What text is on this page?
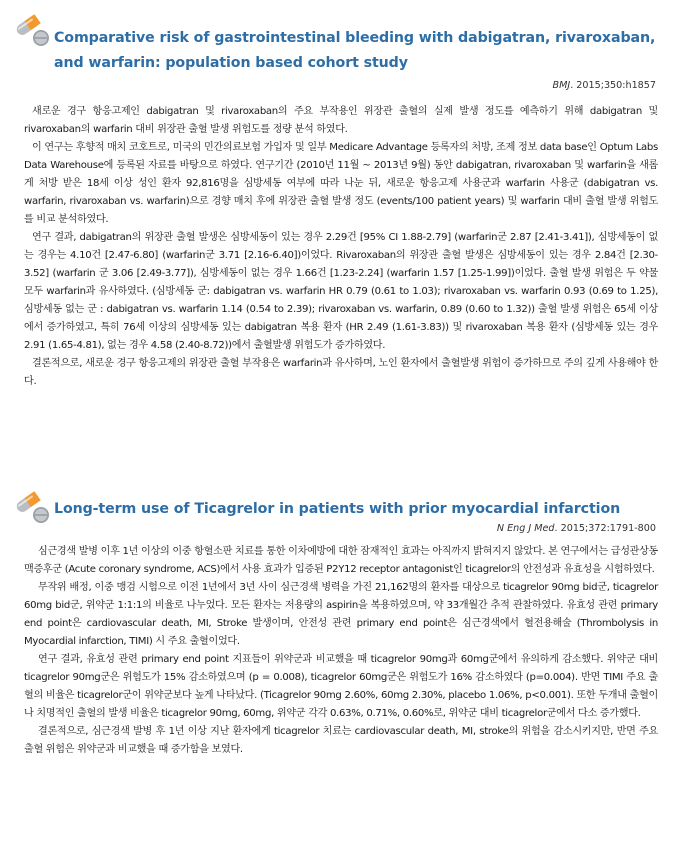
Comparative risk of gastrointestinal bleeding with dabigatran, rivaroxaban, and warfarin: population based cohort study
BMJ. 2015;350:h1857

새로운 경구 항응고제인 dabigatran 및 rivaroxaban의 주요 부작용인 위장관 출혈의 실제 발생 정도를 예측하기 위해 dabigatran 및 rivaroxaban의 warfarin 대비 위장관 출혈 발생 위험도를 정량 분석 하였다.

이 연구는 후향적 매치 코호트로, 미국의 민간의료보험 가입자 및 일부 Medicare Advantage 등록자의 처방, 조제 정보 data base인 Optum Labs Data Warehouse에 등록된 자료를 바탕으로 하였다. 연구기간 (2010년 11월 ~ 2013년 9월) 동안 dabigatran, rivaroxaban 및 warfarin을 새롭게 처방 받은 18세 이상 성인 환자 92,816명을 심방세동 여부에 따라 나눈 뒤, 새로운 항응고제 사용군과 warfarin 사용군 (dabigatran vs. warfarin, rivaroxaban vs. warfarin)으로 경향 매치 후에 위장관 출혈 발생 정도 (events/100 patient years) 및 warfarin 대비 출혈 발생 위험도를 비교 분석하였다.

연구 결과, dabigatran의 위장관 출혈 발생은 심방세동이 있는 경우 2.29건 [95% CI 1.88-2.79] (warfarin군 2.87 [2.41-3.41]), 심방세동이 없는 경우는 4.10건 [2.47-6.80] (warfarin군 3.71 [2.16-6.40])이었다. Rivaroxaban의 위장관 출혈 발생은 심방세동이 있는 경우 2.84건 [2.30-3.52] (warfarin 군 3.06 [2.49-3.77]), 심방세동이 없는 경우 1.66건 [1.23-2.24] (warfarin 1.57 [1.25-1.99])이었다. 출혈 발생 위험은 두 약물 모두 warfarin과 유사하였다. (심방세동 군: dabigatran vs. warfarin HR 0.79 (0.61 to 1.03); rivaroxaban vs. warfarin 0.93 (0.69 to 1.25), 심방세동 없는 군 : dabigatran vs. warfarin 1.14 (0.54 to 2.39); rivaroxaban vs. warfarin, 0.89 (0.60 to 1.32)) 출혈 발생 위험은 65세 이상에서 증가하였고, 특히 76세 이상의 심방세동 있는 dabigatran 복용 환자 (HR 2.49 (1.61-3.83)) 및 rivaroxaban 복용 환자 (심방세동 있는 경우 2.91 (1.65-4.81), 없는 경우 4.58 (2.40-8.72))에서 출혈발생 위험도가 증가하였다.

결론적으로, 새로운 경구 항응고제의 위장관 출혈 부작용은 warfarin과 유사하며, 노인 환자에서 출혈발생 위험이 증가하므로 주의 깊게 사용해야 한다.

Long-term use of Ticagrelor in patients with prior myocardial infarction
N Eng J Med. 2015;372:1791-800

심근경색 발병 이후 1년 이상의 이중 항혈소판 치료를 통한 이차예방에 대한 잠재적인 효과는 아직까지 밝혀지지 않았다. 본 연구에서는 급성관상동맥증후군 (Acute coronary syndrome, ACS)에서 사용 효과가 입증된 P2Y12 receptor antagonist인 ticagrelor의 안전성과 유효성을 시험하였다.

무작위 배정, 이중 맹검 시험으로 이전 1년에서 3년 사이 심근경색 병력을 가진 21,162명의 환자를 대상으로 ticagrelor 90mg bid군, ticagrelor 60mg bid군, 위약군 1:1:1의 비율로 나누었다. 모든 환자는 저용량의 aspirin을 복용하였으며, 약 33개월간 추적 관찰하였다. 유효성 관련 primary end point은 cardiovascular death, MI, Stroke 발생이며, 안전성 관련 primary end point은 심근경색에서 혈전용해술 (Thrombolysis in Myocardial infarction, TIMI) 시 주요 출혈이었다.

연구 결과, 유효성 관련 primary end point 지표들이 위약군과 비교했을 때 ticagrelor 90mg과 60mg군에서 유의하게 감소했다. 위약군 대비 ticagrelor 90mg군은 위험도가 15% 감소하였으며 (p = 0.008), ticagrelor 60mg군은 위험도가 16% 감소하였다 (p=0.004). 반면 TIMI 주요 출혈의 비율은 ticagrelor군이 위약군보다 높게 나타났다. (Ticagrelor 90mg 2.60%, 60mg 2.30%, placebo 1.06%, p<0.001). 또한 두개내 출혈이나 치명적인 출혈의 발생 비율은 ticagrelor 90mg, 60mg, 위약군 각각 0.63%, 0.71%, 0.60%로, 위약군 대비 ticagrelor군에서 다소 증가했다.

결론적으로, 심근경색 발병 후 1년 이상 지난 환자에게 ticagrelor 치료는 cardiovascular death, MI, stroke의 위험을 감소시키지만, 반면 주요 출혈 위험은 위약군과 비교했을 때 증가함을 보였다.
